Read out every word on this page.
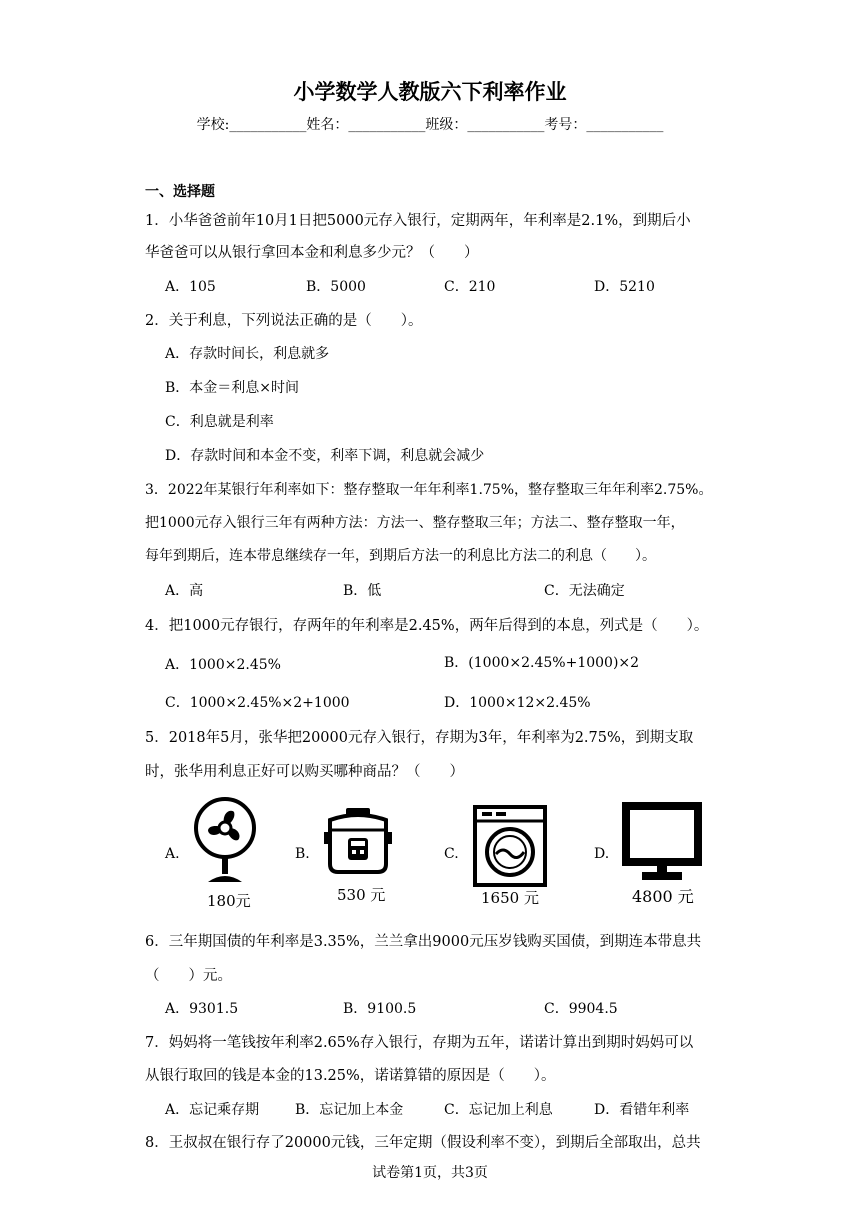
小学数学人教版六下利率作业
学校:___________姓名：___________班级：___________考号：___________
一、选择题
1．小华爸爸前年10月1日把5000元存入银行，定期两年，年利率是2.1%，到期后小
华爸爸可以从银行拿回本金和利息多少元？（　　）
A．105	B．5000	C．210	D．5210
2．关于利息，下列说法正确的是（　　）。
A．存款时间长，利息就多
B．本金＝利息×时间
C．利息就是利率
D．存款时间和本金不变，利率下调，利息就会减少
3．2022年某银行年利率如下：整存整取一年年利率1.75%，整存整取三年年利率2.75%。
把1000元存入银行三年有两种方法：方法一、整存整取三年；方法二、整存整取一年，
每年到期后，连本带息继续存一年，到期后方法一的利息比方法二的利息（　　）。
A．高	B．低	C．无法确定
4．把1000元存银行，存两年的年利率是2.45%，两年后得到的本息，列式是（　　）。
A．1000×2.45%	B．(1000×2.45%+1000)×2
C．1000×2.45%×2+1000	D．1000×12×2.45%
5．2018年5月，张华把20000元存入银行，存期为3年，年利率为2.75%，到期支取
时，张华用利息正好可以购买哪种商品？（　　）
A.	B.	C.	D.
180元	530 元	1650 元	4800 元
6．三年期国债的年利率是3.35%，兰兰拿出9000元压岁钱购买国债，到期连本带息共
（　　）元。
A．9301.5	B．9100.5	C．9904.5
7．妈妈将一笔钱按年利率2.65%存入银行，存期为五年，诺诺计算出到期时妈妈可以
从银行取回的钱是本金的13.25%，诺诺算错的原因是（　　）。
A．忘记乘存期	B．忘记加上本金	C．忘记加上利息	D．看错年利率
8．王叔叔在银行存了20000元钱，三年定期（假设利率不变），到期后全部取出，总共
试卷第1页，共3页
